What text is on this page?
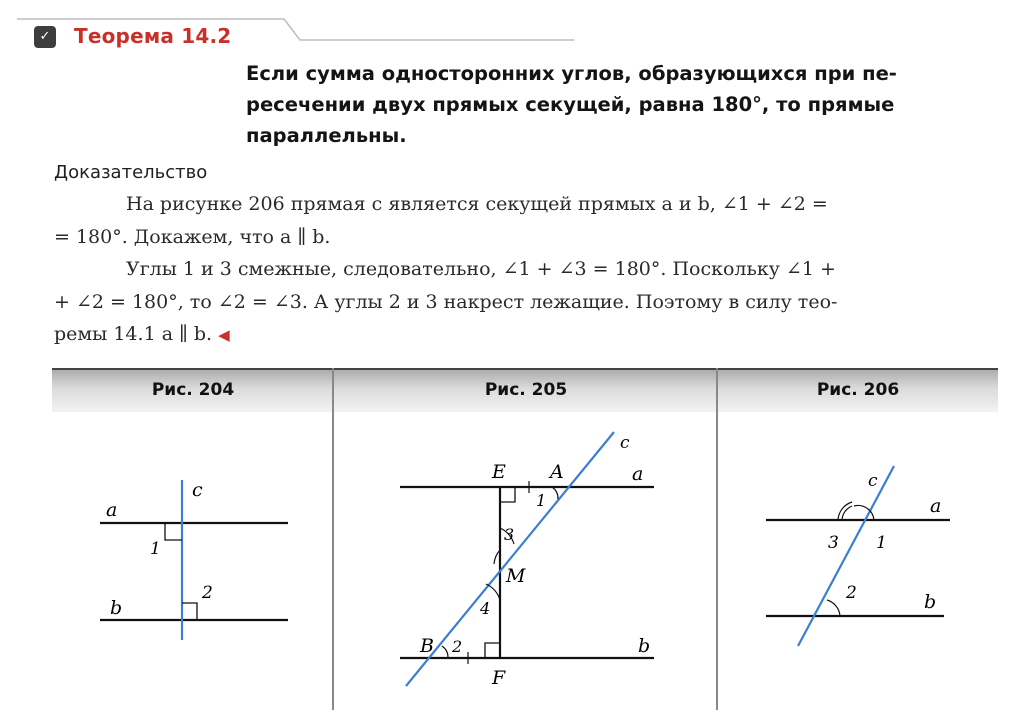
✓ Теорема 14.2

Если сумма односторонних углов, образующихся при пе-

ресечении двух прямых секущей, равна 180°, то прямые

параллельны.

Доказательство
На рисунке 206 прямая c является секущей прямых a и b, ∠1 + ∠2 =
= 180°. Докажем, что a ∥ b.
Углы 1 и 3 смежные, следовательно, ∠1 + ∠3 = 180°. Поскольку ∠1 +
+ ∠2 = 180°, то ∠2 = ∠3. А углы 2 и 3 накрест лежащие. Поэтому в силу тео-
ремы 14.1 a ∥ b. ◀
Рис. 204	Рис. 205	Рис. 206
a
b
c
1
2
E A	a
c
1
3
M
4
B 2	b
F
c
a
3 1
2	b
